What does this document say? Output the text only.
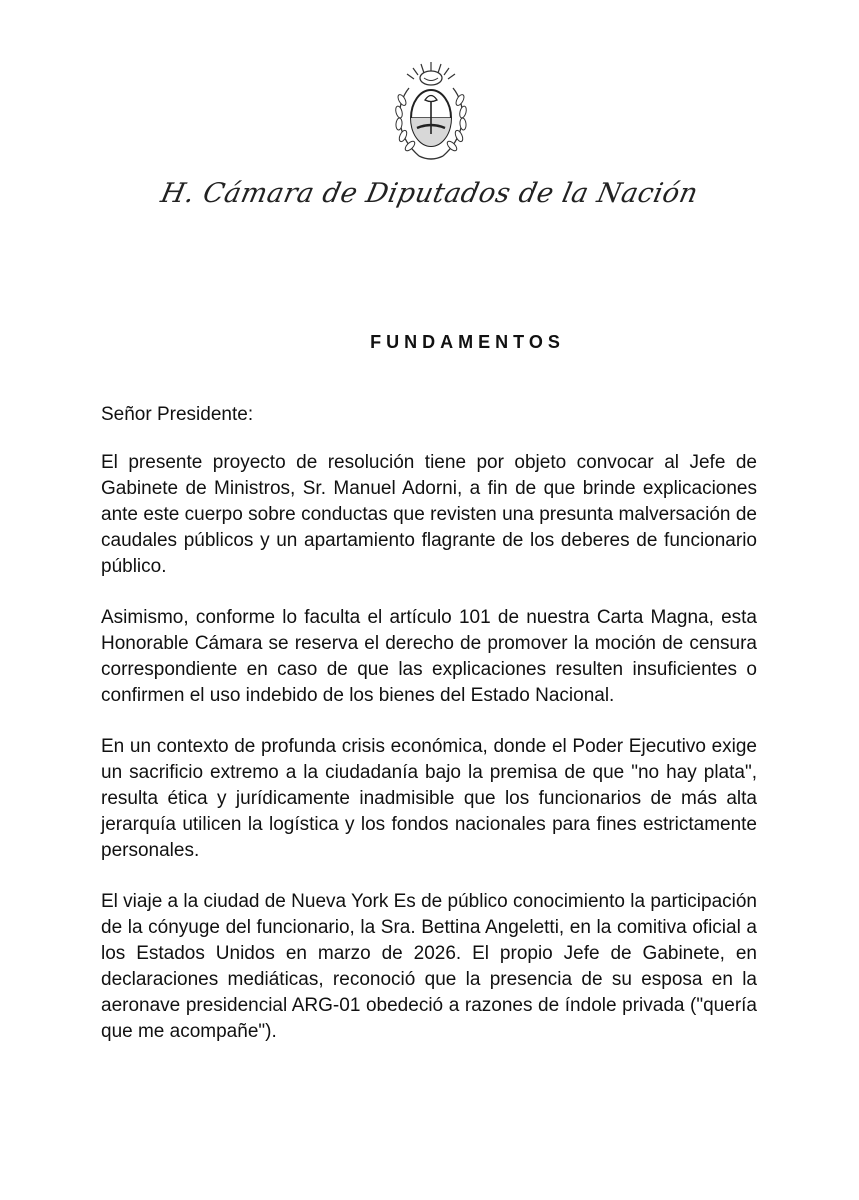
H. Cámara de Diputados de la Nación
FUNDAMENTOS

Señor Presidente:

El presente proyecto de resolución tiene por objeto convocar al Jefe de Gabinete de Ministros, Sr. Manuel Adorni, a fin de que brinde explicaciones ante este cuerpo sobre conductas que revisten una presunta malversación de caudales públicos y un apartamiento flagrante de los deberes de funcionario público.

Asimismo, conforme lo faculta el artículo 101 de nuestra Carta Magna, esta Honorable Cámara se reserva el derecho de promover la moción de censura correspondiente en caso de que las explicaciones resulten insuficientes o confirmen el uso indebido de los bienes del Estado Nacional.

En un contexto de profunda crisis económica, donde el Poder Ejecutivo exige un sacrificio extremo a la ciudadanía bajo la premisa de que "no hay plata", resulta ética y jurídicamente inadmisible que los funcionarios de más alta jerarquía utilicen la logística y los fondos nacionales para fines estrictamente personales.

El viaje a la ciudad de Nueva York Es de público conocimiento la participación de la cónyuge del funcionario, la Sra. Bettina Angeletti, en la comitiva oficial a los Estados Unidos en marzo de 2026. El propio Jefe de Gabinete, en declaraciones mediáticas, reconoció que la presencia de su esposa en la aeronave presidencial ARG-01 obedeció a razones de índole privada ("quería que me acompañe").
